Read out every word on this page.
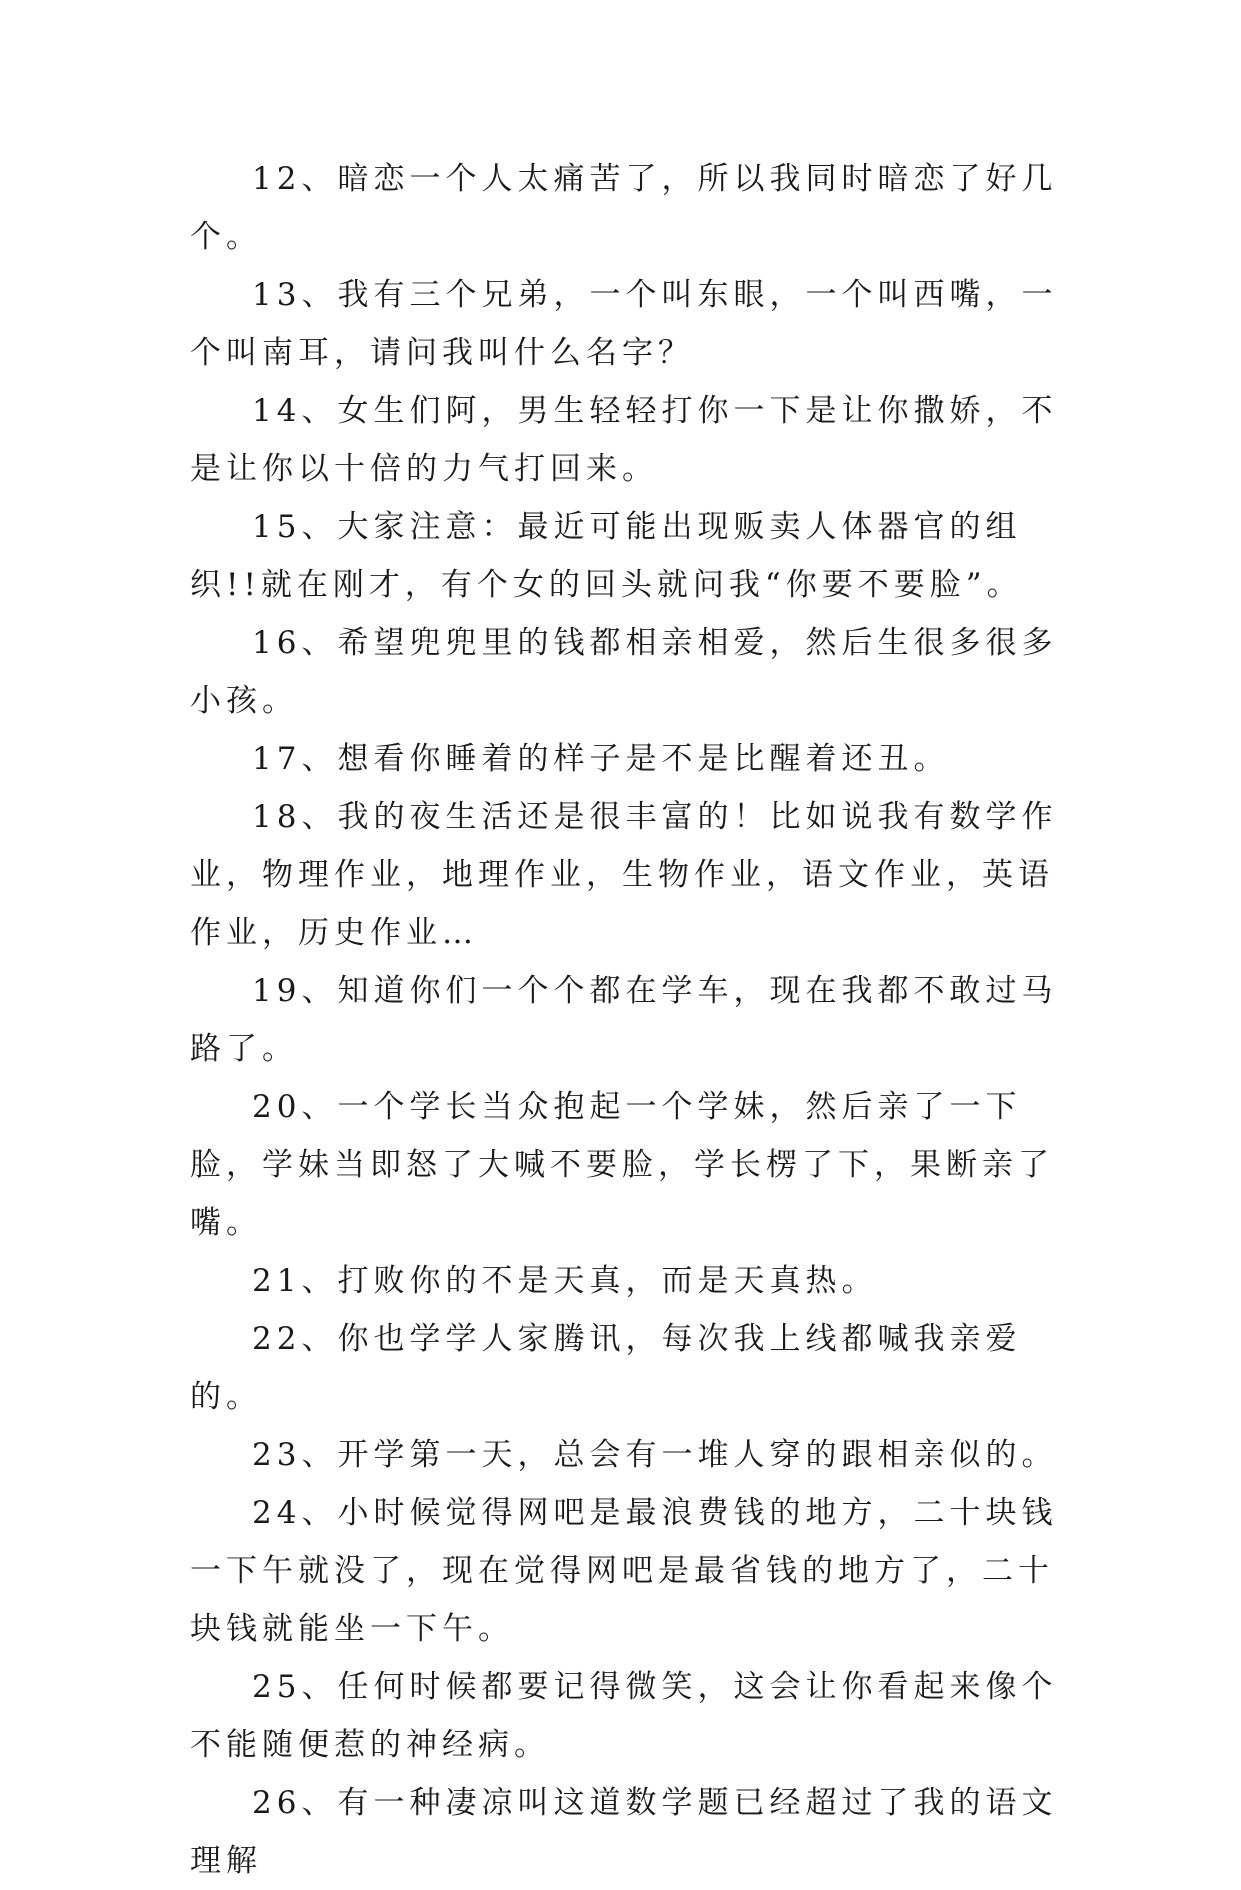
12、暗恋一个人太痛苦了，所以我同时暗恋了好几个。

13、我有三个兄弟，一个叫东眼，一个叫西嘴，一个叫南耳，请问我叫什么名字？

14、女生们阿，男生轻轻打你一下是让你撒娇，不是让你以十倍的力气打回来。

15、大家注意：最近可能出现贩卖人体器官的组织!!就在刚才，有个女的回头就问我“你要不要脸”。

16、希望兜兜里的钱都相亲相爱，然后生很多很多小孩。

17、想看你睡着的样子是不是比醒着还丑。

18、我的夜生活还是很丰富的！比如说我有数学作业，物理作业，地理作业，生物作业，语文作业，英语作业，历史作业…

19、知道你们一个个都在学车，现在我都不敢过马路了。

20、一个学长当众抱起一个学妹，然后亲了一下脸，学妹当即怒了大喊不要脸，学长楞了下，果断亲了嘴。

21、打败你的不是天真，而是天真热。

22、你也学学人家腾讯，每次我上线都喊我亲爱的。

23、开学第一天，总会有一堆人穿的跟相亲似的。

24、小时候觉得网吧是最浪费钱的地方，二十块钱一下午就没了，现在觉得网吧是最省钱的地方了，二十块钱就能坐一下午。

25、任何时候都要记得微笑，这会让你看起来像个不能随便惹的神经病。

26、有一种凄凉叫这道数学题已经超过了我的语文理解
